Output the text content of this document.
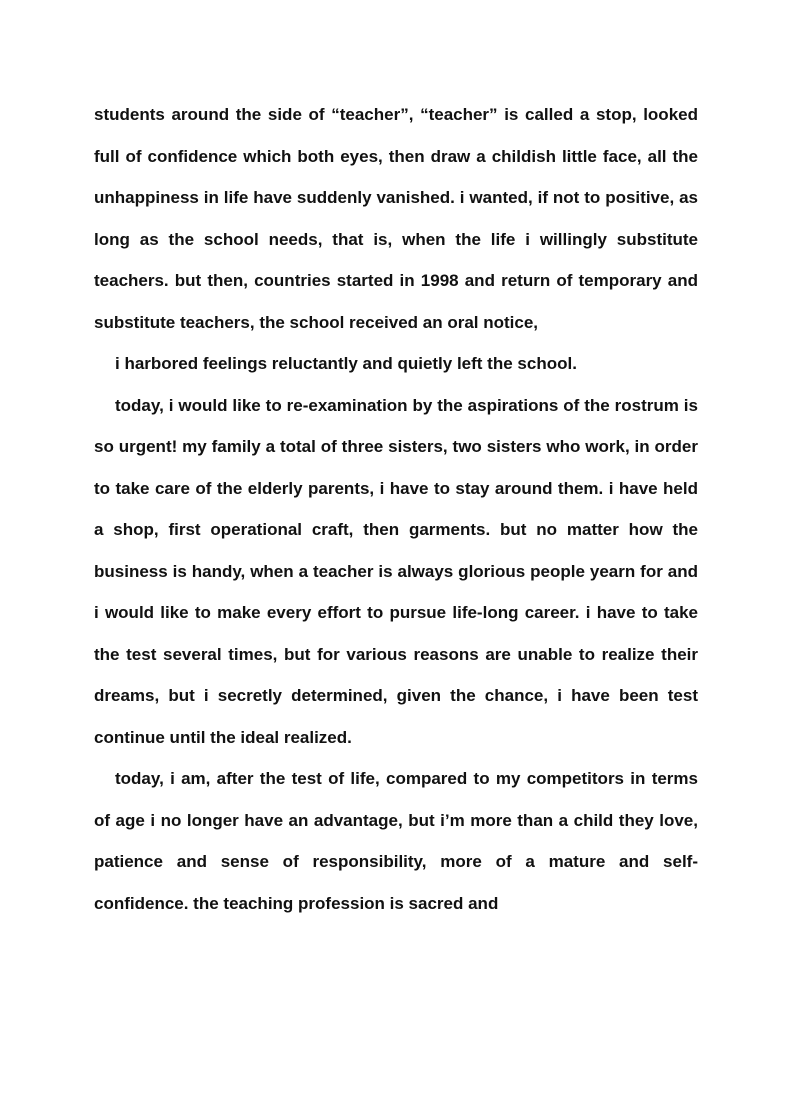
students around the side of “teacher”, “teacher” is called a stop, looked full of confidence which both eyes, then draw a childish little face, all the unhappiness in life have suddenly vanished. i wanted, if not to positive, as long as the school needs, that is, when the life i willingly substitute teachers. but then, countries started in 1998 and return of temporary and substitute teachers, the school received an oral notice,

i harbored feelings reluctantly and quietly left the school.

today, i would like to re-examination by the aspirations of the rostrum is so urgent! my family a total of three sisters, two sisters who work, in order to take care of the elderly parents, i have to stay around them. i have held a shop, first operational craft, then garments. but no matter how the business is handy, when a teacher is always glorious people yearn for and i would like to make every effort to pursue life-long career. i have to take the test several times, but for various reasons are unable to realize their dreams, but i secretly determined, given the chance, i have been test continue until the ideal realized.

today, i am, after the test of life, compared to my competitors in terms of age i no longer have an advantage, but i’m more than a child they love, patience and sense of responsibility, more of a mature and self-confidence. the teaching profession is sacred and
